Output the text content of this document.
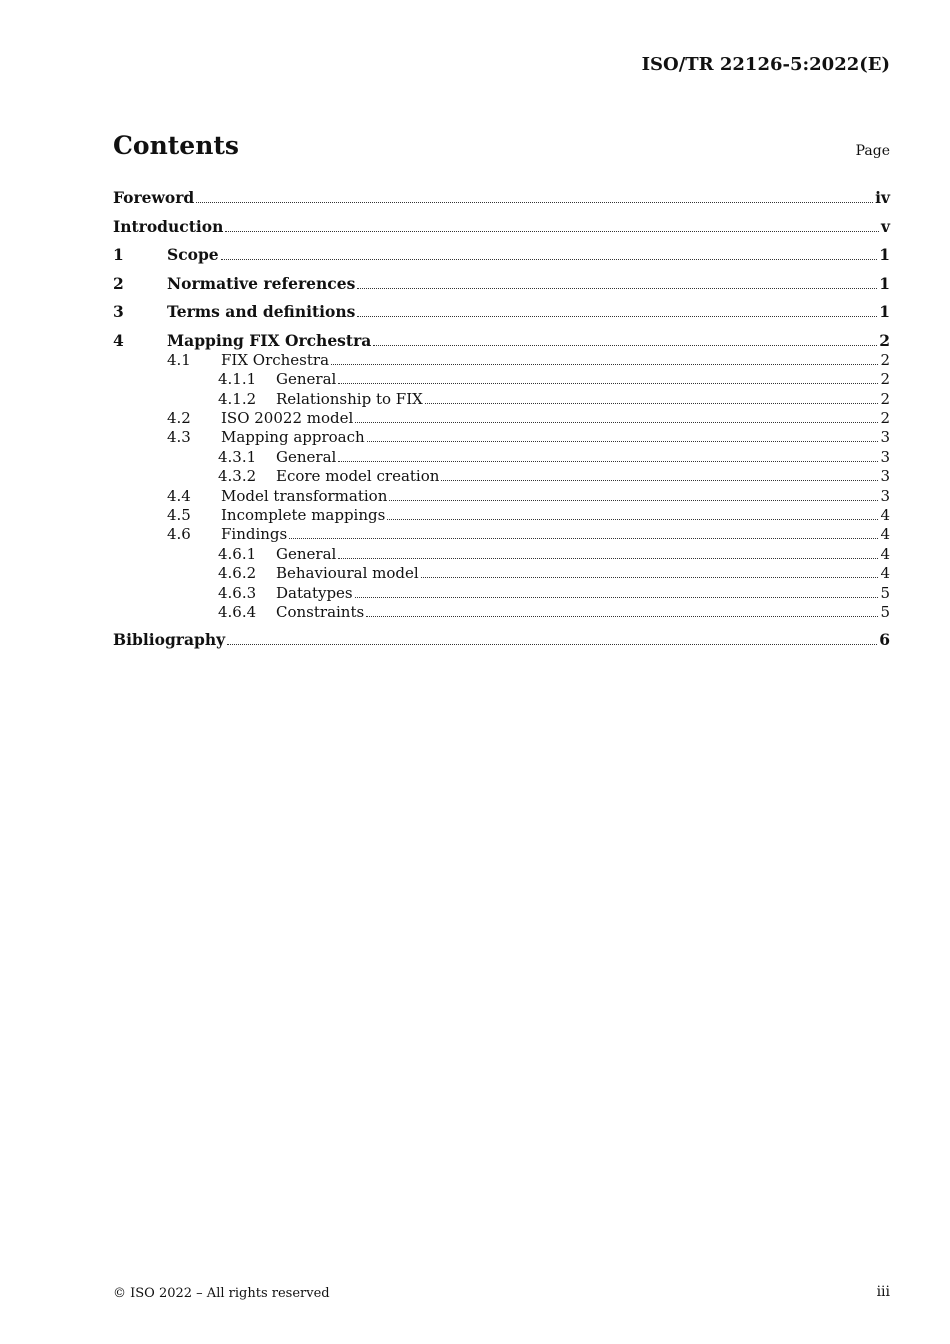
ISO/TR 22126-5:2022(E)
Contents	Page
Foreword	iv
Introduction	v
1	Scope	1
2	Normative references	1
3	Terms and definitions	1
4	Mapping FIX Orchestra	2
4.1	FIX Orchestra	2
4.1.1	General	2
4.1.2	Relationship to FIX	2
4.2	ISO 20022 model	2
4.3	Mapping approach	3
4.3.1	General	3
4.3.2	Ecore model creation	3
4.4	Model transformation	3
4.5	Incomplete mappings	4
4.6	Findings	4
4.6.1	General	4
4.6.2	Behavioural model	4
4.6.3	Datatypes	5
4.6.4	Constraints	5
Bibliography	6
© ISO 2022 – All rights reserved	iii
